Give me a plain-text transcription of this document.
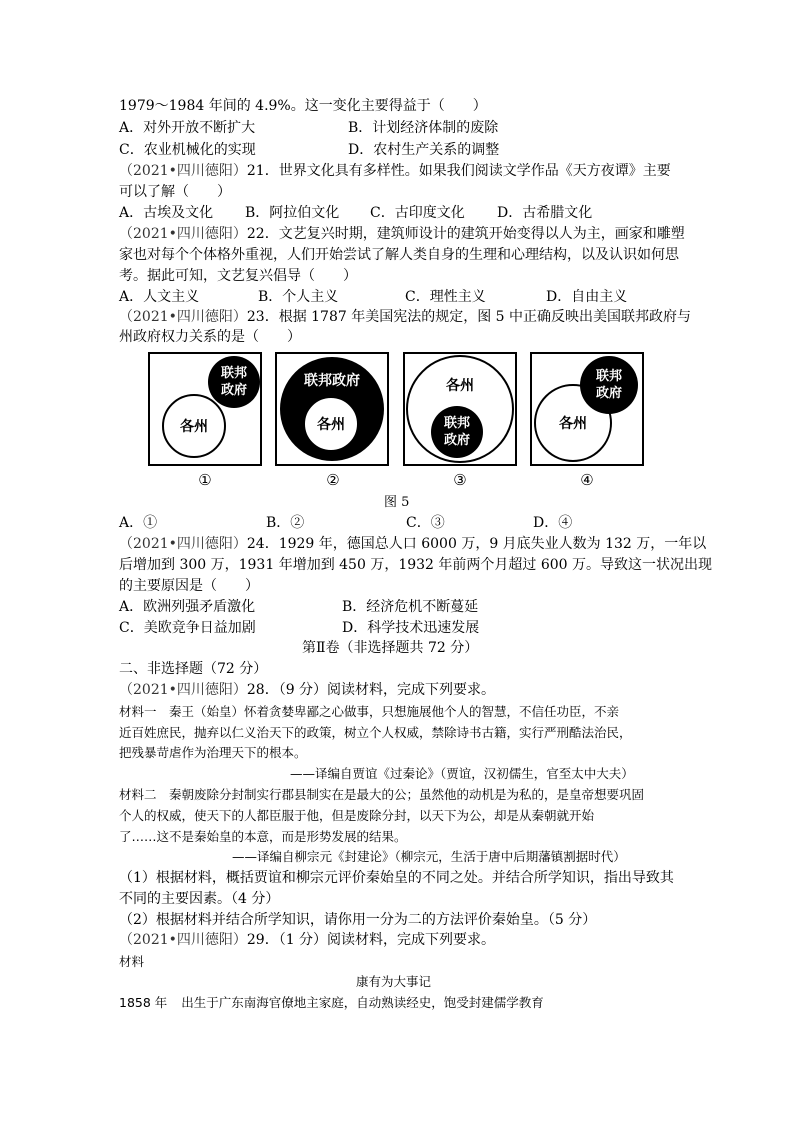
1979～1984 年间的 4.9%。这一变化主要得益于（　　）
A．对外开放不断扩大	B．计划经济体制的废除
C．农业机械化的实现	D．农村生产关系的调整
（2021•四川德阳）21．世界文化具有多样性。如果我们阅读文学作品《天方夜谭》主要
可以了解（　　）
A．古埃及文化 B．阿拉伯文化 C．古印度文化 D．古希腊文化
（2021•四川德阳）22．文艺复兴时期，建筑师设计的建筑开始变得以人为主，画家和雕塑
家也对每个个体格外重视，人们开始尝试了解人类自身的生理和心理结构，以及认识如何思
考。据此可知，文艺复兴倡导（　　）
A．人文主义	B．个人主义	C．理性主义	D．自由主义
（2021•四川德阳）23．根据 1787 年美国宪法的规定，图 5 中正确反映出美国联邦政府与
州政府权力关系的是（　　）
各州
联邦
政府
联邦政府
各州
各州
联邦
政府
各州
联邦
政府
①	②	③	④
图 5
A．①	B．②	C．③	D．④
（2021•四川德阳）24．1929 年，德国总人口 6000 万，9 月底失业人数为 132 万，一年以
后增加到 300 万，1931 年增加到 450 万，1932 年前两个月超过 600 万。导致这一状况出现
的主要原因是（　　）
A．欧洲列强矛盾激化	B．经济危机不断蔓延
C．美欧竞争日益加剧	D．科学技术迅速发展
第Ⅱ卷（非选择题共 72 分）
二、非选择题（72 分）
（2021•四川德阳）28．（9 分）阅读材料，完成下列要求。
材料一　秦王（始皇）怀着贪婪卑鄙之心做事，只想施展他个人的智慧，不信任功臣，不亲
近百姓庶民，抛弃以仁义治天下的政策，树立个人权威，禁除诗书古籍，实行严刑酷法治民，
把残暴苛虐作为治理天下的根本。
——译编自贾谊《过秦论》（贾谊，汉初儒生，官至太中大夫）
材料二　秦朝废除分封制实行郡县制实在是最大的公；虽然他的动机是为私的，是皇帝想要巩固
个人的权威，使天下的人都臣服于他，但是废除分封，以天下为公，却是从秦朝就开始
了……这不是秦始皇的本意，而是形势发展的结果。
——译编自柳宗元《封建论》（柳宗元，生活于唐中后期藩镇割据时代）
（1）根据材料，概括贾谊和柳宗元评价秦始皇的不同之处。并结合所学知识，指出导致其
不同的主要因素。（4 分）
（2）根据材料并结合所学知识，请你用一分为二的方法评价秦始皇。（5 分）
（2021•四川德阳）29．（1 分）阅读材料，完成下列要求。
材料
康有为大事记
1858 年 出生于广东南海官僚地主家庭，自动熟读经史，饱受封建儒学教育
